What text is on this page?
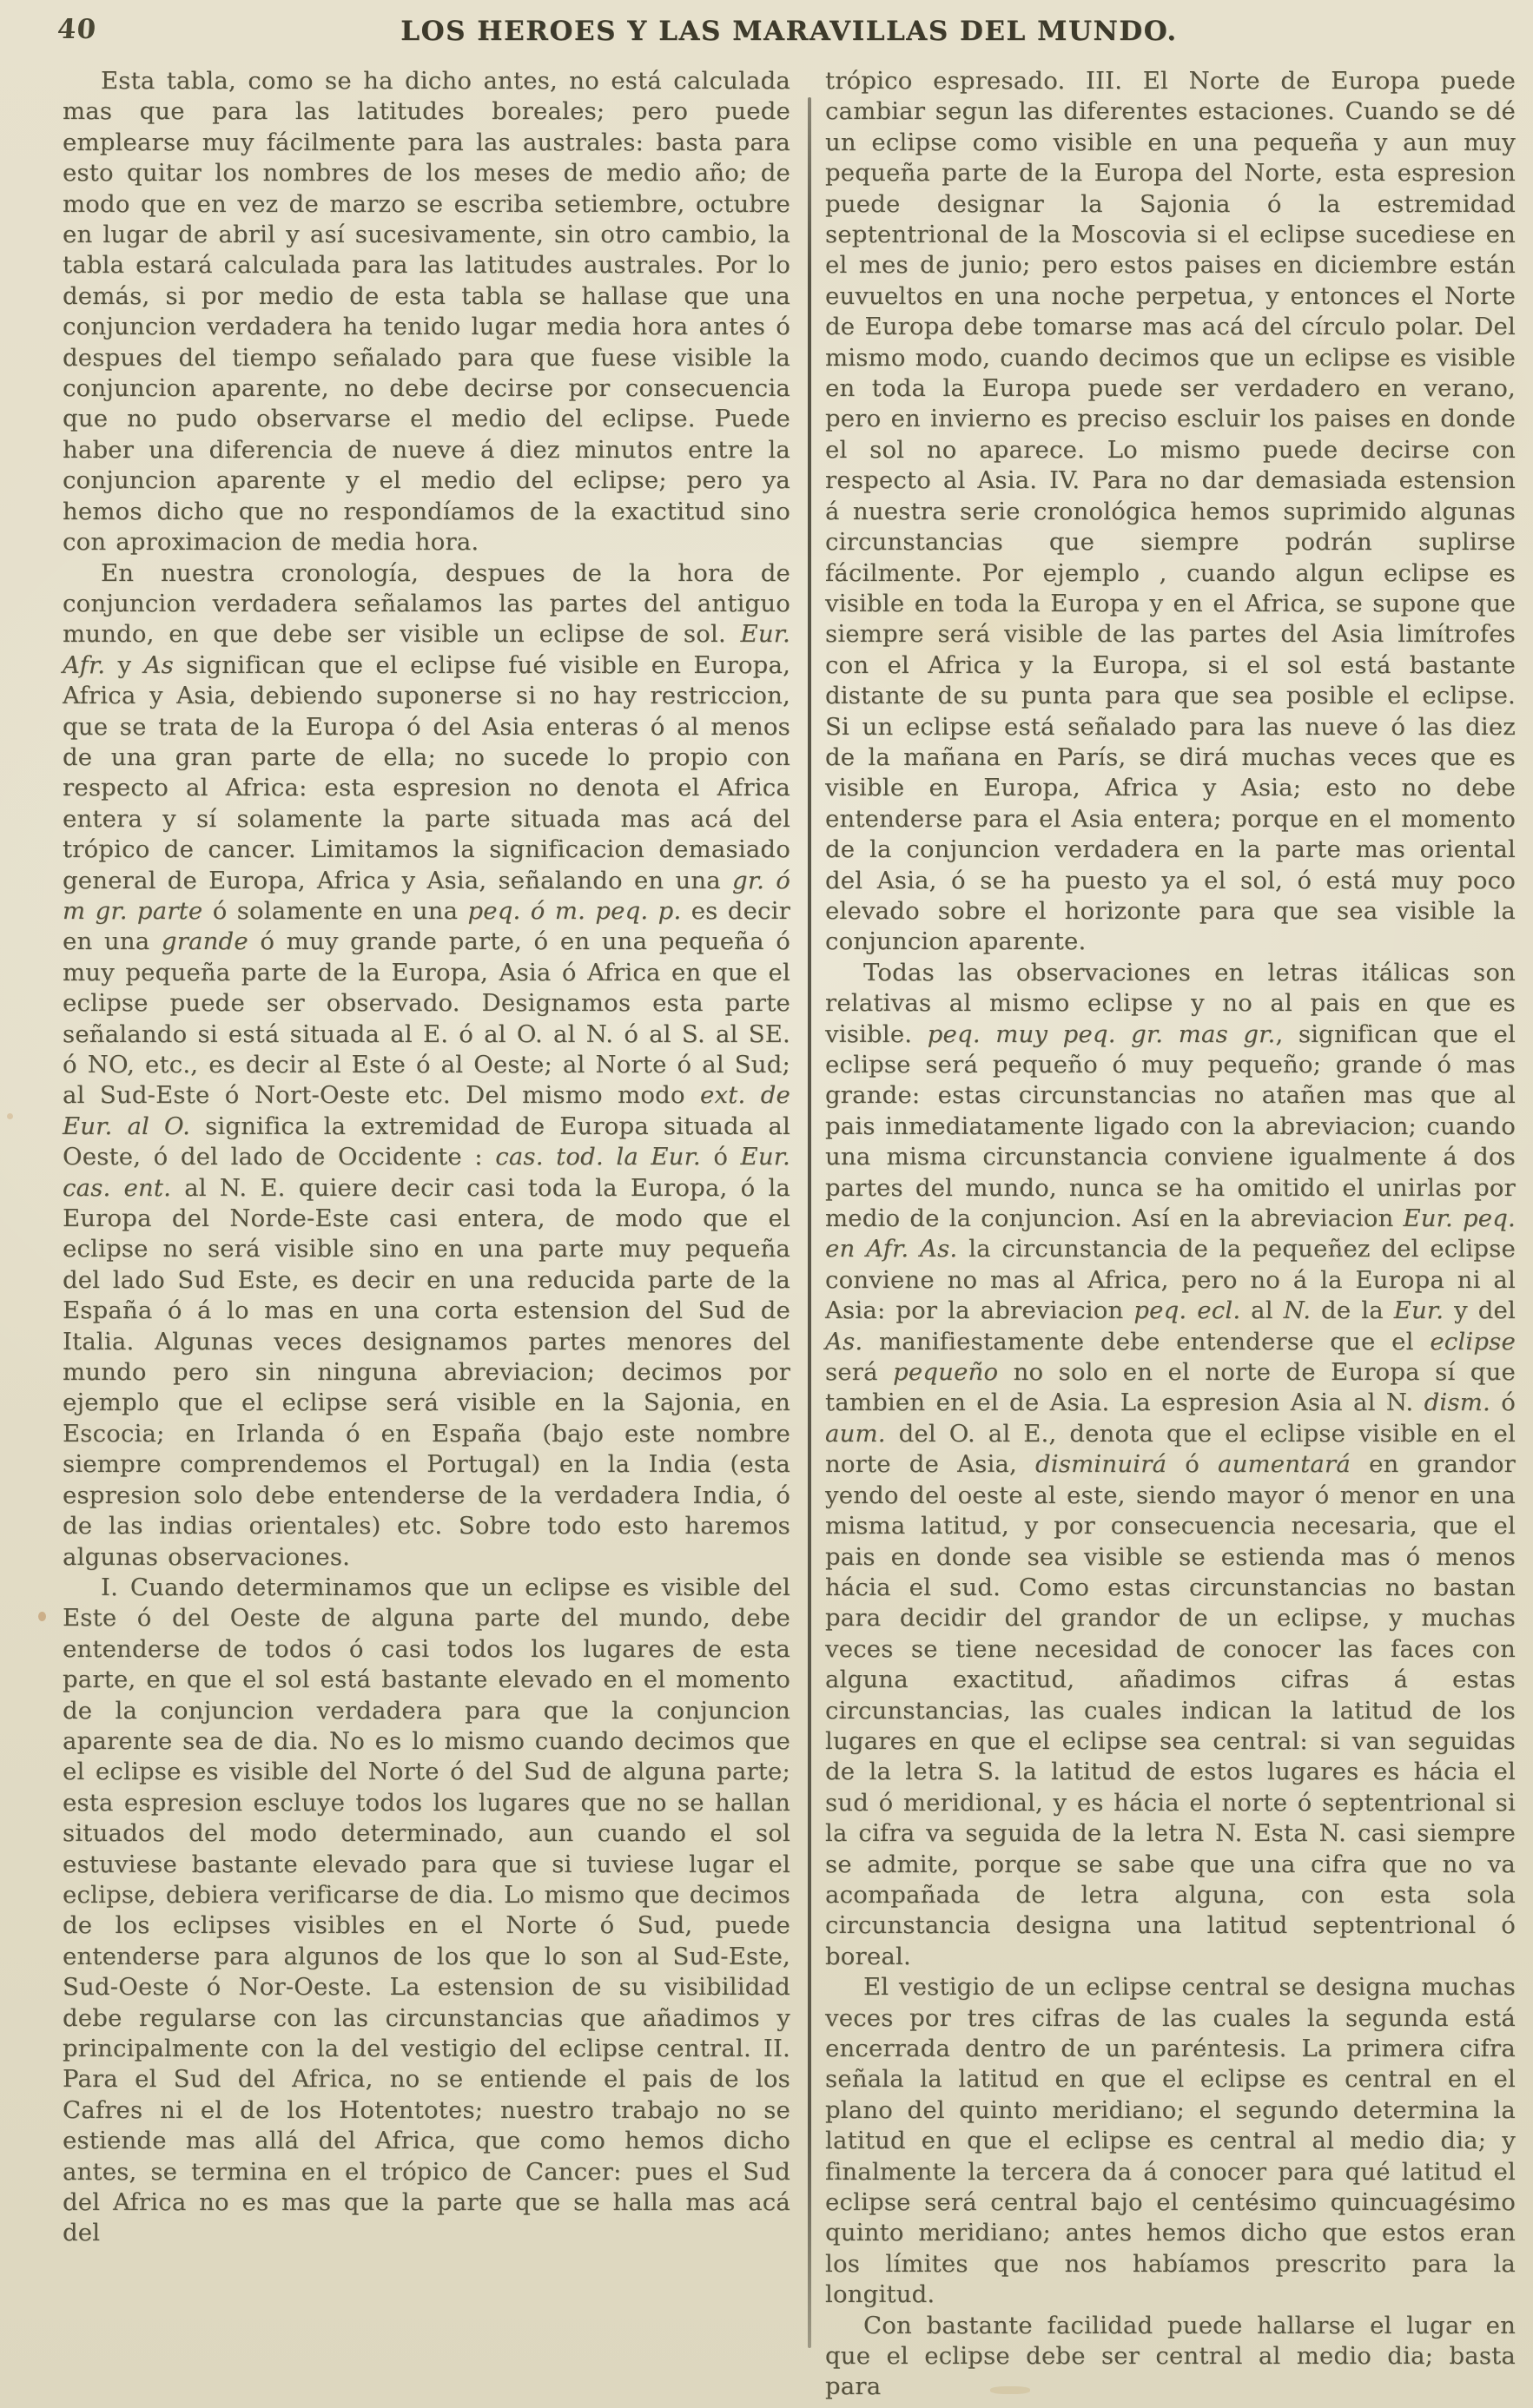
40	LOS HEROES Y LAS MARAVILLAS DEL MUNDO.

Esta tabla, como se ha dicho antes, no está calculada mas que para las latitudes boreales; pero puede emplearse muy fácilmente para las australes: basta para esto quitar los nombres de los meses de medio año; de modo que en vez de marzo se escriba setiembre, octubre en lugar de abril y así sucesivamente, sin otro cambio, la tabla estará calculada para las latitudes australes. Por lo demás, si por medio de esta tabla se hallase que una conjuncion verdadera ha tenido lugar media hora antes ó despues del tiempo señalado para que fuese visible la conjuncion aparente, no debe decirse por consecuencia que no pudo observarse el medio del eclipse. Puede haber una diferencia de nueve á diez minutos entre la conjuncion aparente y el medio del eclipse; pero ya hemos dicho que no respondíamos de la exactitud sino con aproximacion de media hora.

En nuestra cronología, despues de la hora de conjuncion verdadera señalamos las partes del antiguo mundo, en que debe ser visible un eclipse de sol. Eur. Afr. y As significan que el eclipse fué visible en Europa, Africa y Asia, debiendo suponerse si no hay restriccion, que se trata de la Europa ó del Asia enteras ó al menos de una gran parte de ella; no sucede lo propio con respecto al Africa: esta espresion no denota el Africa entera y sí solamente la parte situada mas acá del trópico de cancer. Limitamos la significacion demasiado general de Europa, Africa y Asia, señalando en una gr. ó m gr. parte ó solamente en una peq. ó m. peq. p. es decir en una grande ó muy grande parte, ó en una pequeña ó muy pequeña parte de la Europa, Asia ó Africa en que el eclipse puede ser observado. Designamos esta parte señalando si está situada al E. ó al O. al N. ó al S. al SE. ó NO, etc., es decir al Este ó al Oeste; al Norte ó al Sud; al Sud-Este ó Nort-Oeste etc. Del mismo modo ext. de Eur. al O. significa la extremidad de Europa situada al Oeste, ó del lado de Occidente : cas. tod. la Eur. ó Eur. cas. ent. al N. E. quiere decir casi toda la Europa, ó la Europa del Norde-Este casi entera, de modo que el eclipse no será visible sino en una parte muy pequeña del lado Sud Este, es decir en una reducida parte de la España ó á lo mas en una corta estension del Sud de Italia. Algunas veces designamos partes menores del mundo pero sin ninguna abreviacion; decimos por ejemplo que el eclipse será visible en la Sajonia, en Escocia; en Irlanda ó en España (bajo este nombre siempre comprendemos el Portugal) en la India (esta espresion solo debe entenderse de la verdadera India, ó de las indias orientales) etc. Sobre todo esto haremos algunas observaciones.

I. Cuando determinamos que un eclipse es visible del Este ó del Oeste de alguna parte del mundo, debe entenderse de todos ó casi todos los lugares de esta parte, en que el sol está bastante elevado en el momento de la conjuncion verdadera para que la conjuncion aparente sea de dia. No es lo mismo cuando decimos que el eclipse es visible del Norte ó del Sud de alguna parte; esta espresion escluye todos los lugares que no se hallan situados del modo determinado, aun cuando el sol estuviese bastante elevado para que si tuviese lugar el eclipse, debiera verificarse de dia. Lo mismo que decimos de los eclipses visibles en el Norte ó Sud, puede entenderse para algunos de los que lo son al Sud-Este, Sud-Oeste ó Nor-Oeste. La estension de su visibilidad debe regularse con las circunstancias que añadimos y principalmente con la del vestigio del eclipse central. II. Para el Sud del Africa, no se entiende el pais de los Cafres ni el de los Hotentotes; nuestro trabajo no se estiende mas allá del Africa, que como hemos dicho antes, se termina en el trópico de Cancer: pues el Sud del Africa no es mas que la parte que se halla mas acá del

trópico espresado. III. El Norte de Europa puede cambiar segun las diferentes estaciones. Cuando se dé un eclipse como visible en una pequeña y aun muy pequeña parte de la Europa del Norte, esta espresion puede designar la Sajonia ó la estremidad septentrional de la Moscovia si el eclipse sucediese en el mes de junio; pero estos paises en diciembre están euvueltos en una noche perpetua, y entonces el Norte de Europa debe tomarse mas acá del círculo polar. Del mismo modo, cuando decimos que un eclipse es visible en toda la Europa puede ser verdadero en verano, pero en invierno es preciso escluir los paises en donde el sol no aparece. Lo mismo puede decirse con respecto al Asia. IV. Para no dar demasiada estension á nuestra serie cronológica hemos suprimido algunas circunstancias que siempre podrán suplirse fácilmente. Por ejemplo , cuando algun eclipse es visible en toda la Europa y en el Africa, se supone que siempre será visible de las partes del Asia limítrofes con el Africa y la Europa, si el sol está bastante distante de su punta para que sea posible el eclipse. Si un eclipse está señalado para las nueve ó las diez de la mañana en París, se dirá muchas veces que es visible en Europa, Africa y Asia; esto no debe entenderse para el Asia entera; porque en el momento de la conjuncion verdadera en la parte mas oriental del Asia, ó se ha puesto ya el sol, ó está muy poco elevado sobre el horizonte para que sea visible la conjuncion aparente.

Todas las observaciones en letras itálicas son relativas al mismo eclipse y no al pais en que es visible. peq. muy peq. gr. mas gr., significan que el eclipse será pequeño ó muy pequeño; grande ó mas grande: estas circunstancias no atañen mas que al pais inmediatamente ligado con la abreviacion; cuando una misma circunstancia conviene igualmente á dos partes del mundo, nunca se ha omitido el unirlas por medio de la conjuncion. Así en la abreviacion Eur. peq. en Afr. As. la circunstancia de la pequeñez del eclipse conviene no mas al Africa, pero no á la Europa ni al Asia: por la abreviacion peq. ecl. al N. de la Eur. y del As. manifiestamente debe entenderse que el eclipse será pequeño no solo en el norte de Europa sí que tambien en el de Asia. La espresion Asia al N. dism. ó aum. del O. al E., denota que el eclipse visible en el norte de Asia, disminuirá ó aumentará en grandor yendo del oeste al este, siendo mayor ó menor en una misma latitud, y por consecuencia necesaria, que el pais en donde sea visible se estienda mas ó menos hácia el sud. Como estas circunstancias no bastan para decidir del grandor de un eclipse, y muchas veces se tiene necesidad de conocer las faces con alguna exactitud, añadimos cifras á estas circunstancias, las cuales indican la latitud de los lugares en que el eclipse sea central: si van seguidas de la letra S. la latitud de estos lugares es hácia el sud ó meridional, y es hácia el norte ó septentrional si la cifra va seguida de la letra N. Esta N. casi siempre se admite, porque se sabe que una cifra que no va acompañada de letra alguna, con esta sola circunstancia designa una latitud septentrional ó boreal.

El vestigio de un eclipse central se designa muchas veces por tres cifras de las cuales la segunda está encerrada dentro de un paréntesis. La primera cifra señala la latitud en que el eclipse es central en el plano del quinto meridiano; el segundo determina la latitud en que el eclipse es central al medio dia; y finalmente la tercera da á conocer para qué latitud el eclipse será central bajo el centésimo quincuagésimo quinto meridiano; antes hemos dicho que estos eran los límites que nos habíamos prescrito para la longitud.

Con bastante facilidad puede hallarse el lugar en que el eclipse debe ser central al medio dia; basta para
